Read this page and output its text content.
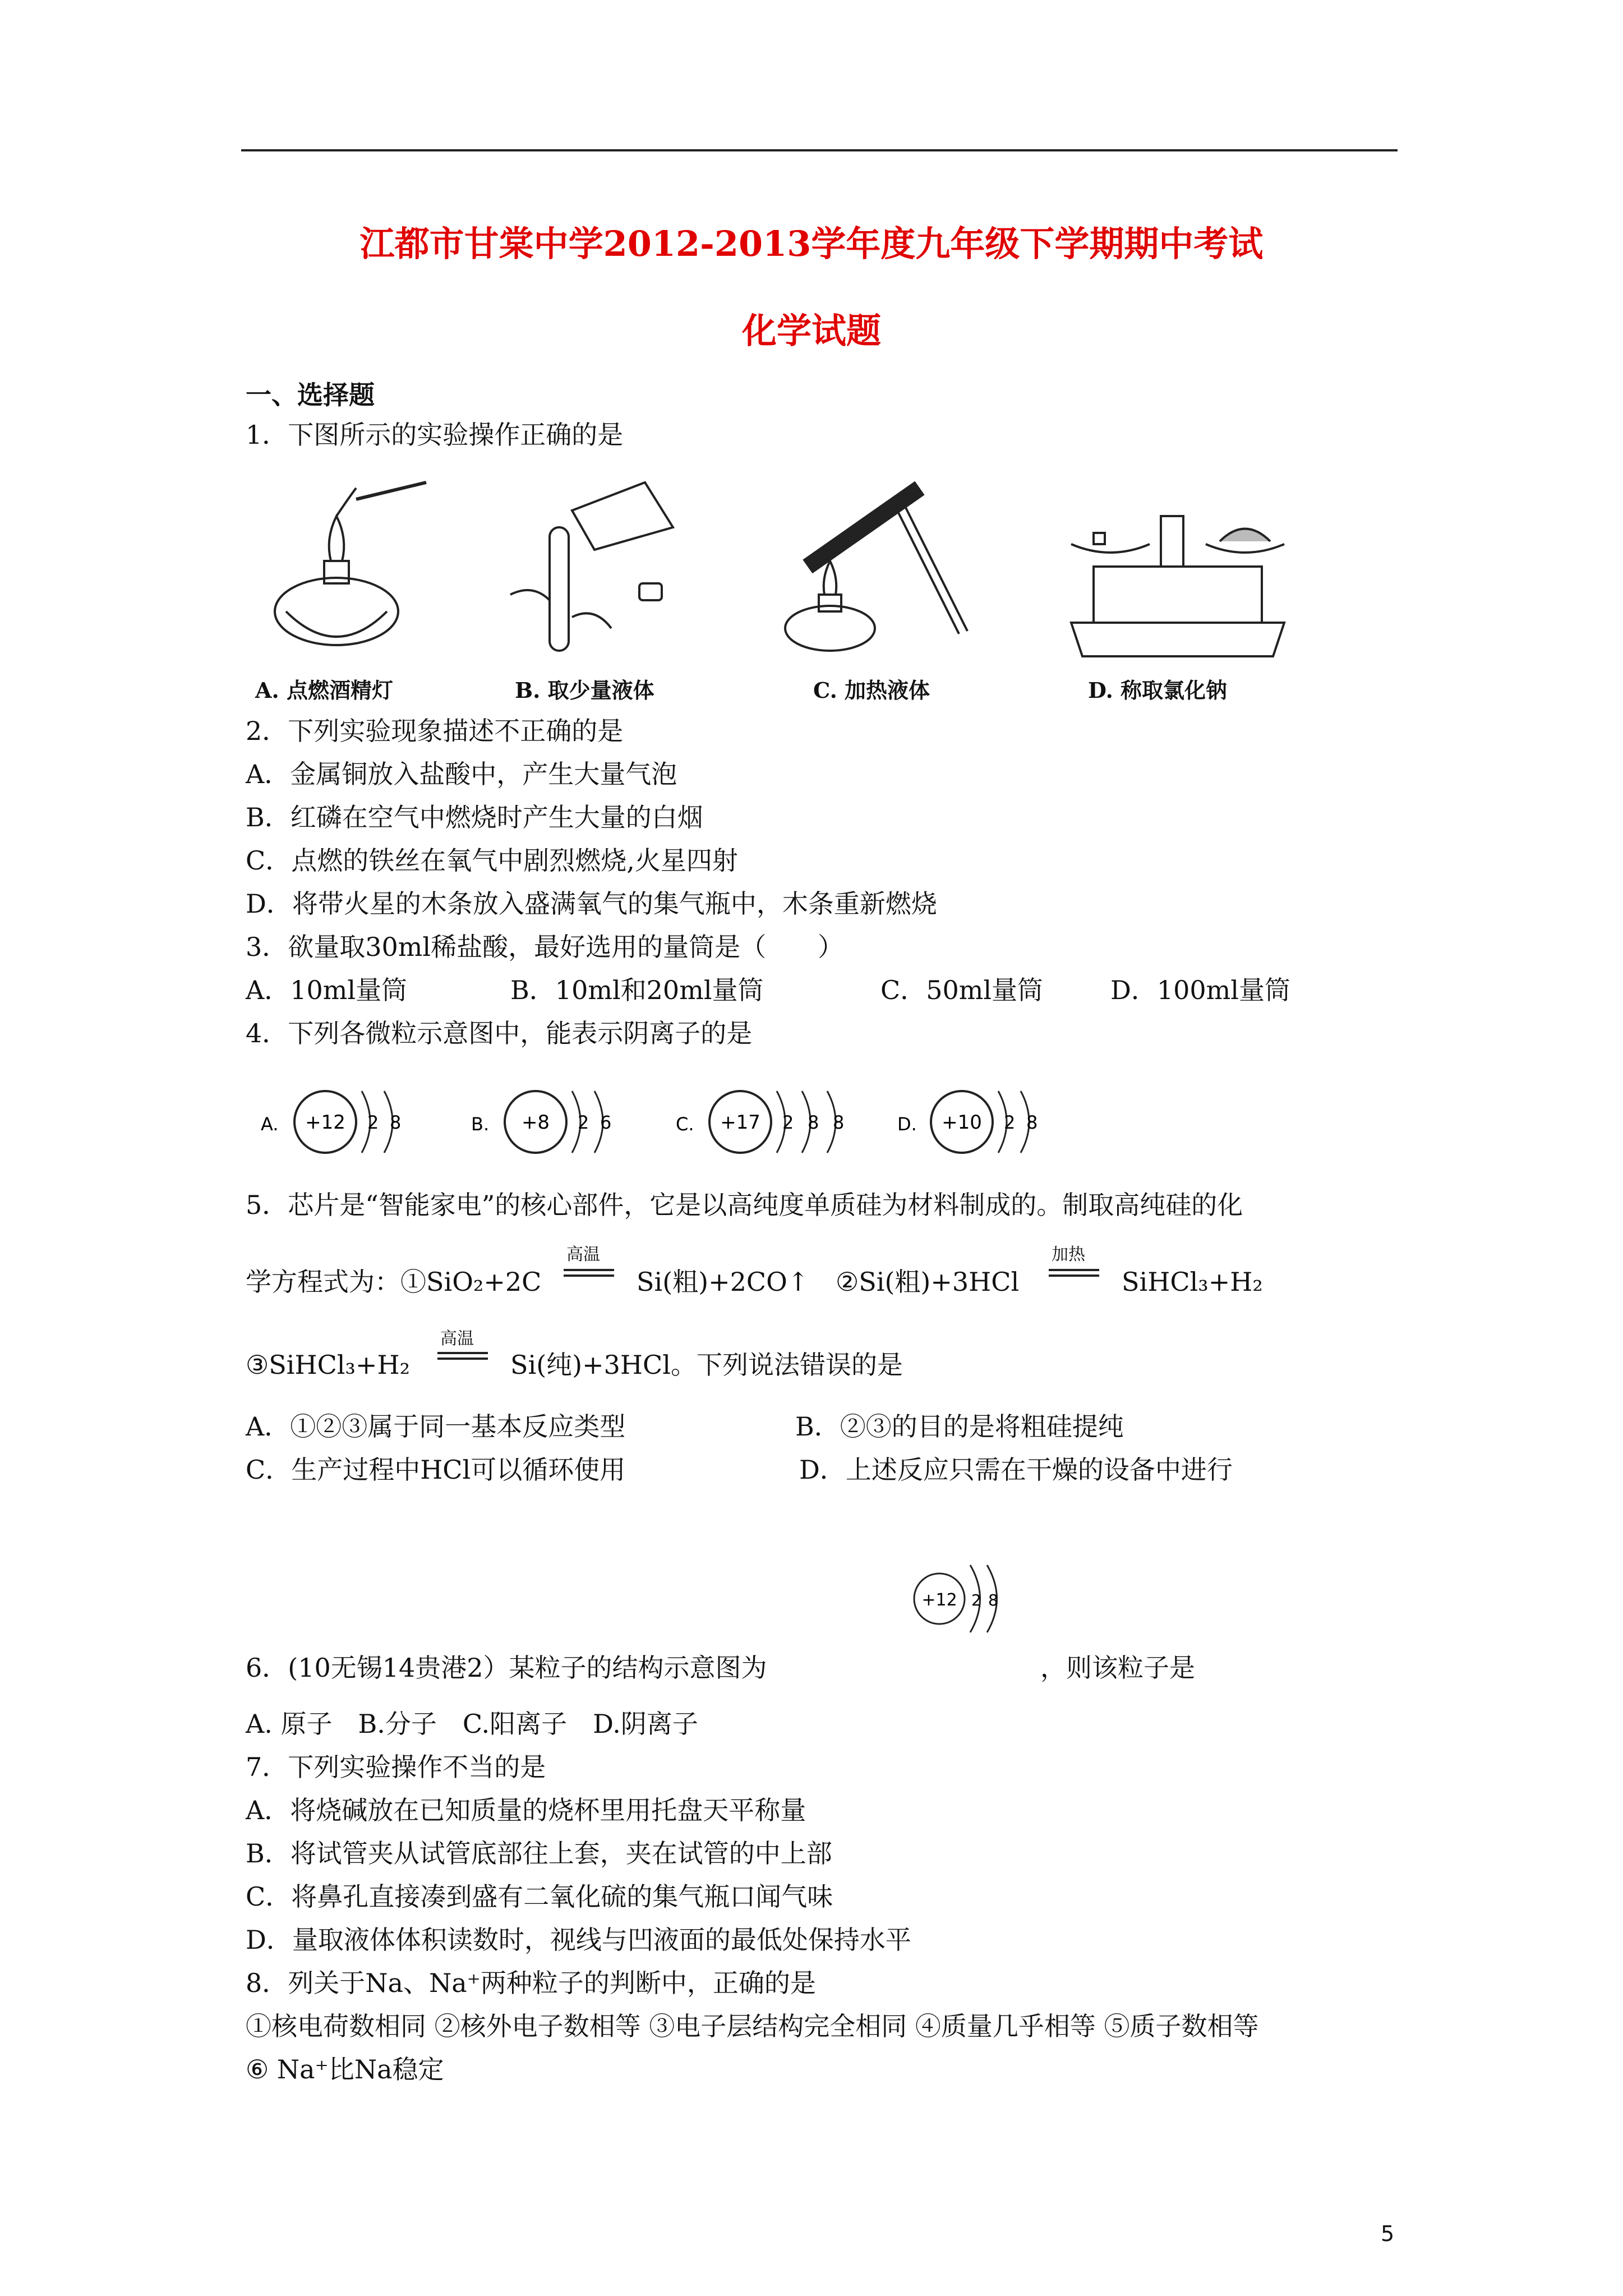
江都市甘棠中学2012-2013学年度九年级下学期期中考试
化学试题
一、选择题
1．下图所示的实验操作正确的是
A. 点燃酒精灯	B. 取少量液体	C. 加热液体	D. 称取氯化钠
2．下列实验现象描述不正确的是
A．金属铜放入盐酸中，产生大量气泡
B．红磷在空气中燃烧时产生大量的白烟
C．点燃的铁丝在氧气中剧烈燃烧,火星四射
D．将带火星的木条放入盛满氧气的集气瓶中，木条重新燃烧
3．欲量取30ml稀盐酸，最好选用的量筒是（　　）
A．10ml量筒	B．10ml和20ml量筒	C．50ml量筒	D．100ml量筒
4．下列各微粒示意图中，能表示阴离子的是
A. +12 2 8	B. +8 2 6	C. +17 2 8 8	D. +10 2 8
5．芯片是“智能家电”的核心部件，它是以高纯度单质硅为材料制成的。制取高纯硅的化
学方程式为：①SiO₂+2C
高温
Si(粗)+2CO↑ ②Si(粗)+3HCl
加热
SiHCl₃+H₂
③SiHCl₃+H₂
高温
Si(纯)+3HCl。下列说法错误的是
A．①②③属于同一基本反应类型	B．②③的目的是将粗硅提纯
C．生产过程中HCl可以循环使用	D．上述反应只需在干燥的设备中进行
+12 2 8
6．(10无锡14贵港2）某粒子的结构示意图为	，则该粒子是
A. 原子　B.分子　C.阳离子　D.阴离子
7．下列实验操作不当的是
A．将烧碱放在已知质量的烧杯里用托盘天平称量
B．将试管夹从试管底部往上套，夹在试管的中上部
C．将鼻孔直接凑到盛有二氧化硫的集气瓶口闻气味
D．量取液体体积读数时，视线与凹液面的最低处保持水平
8．列关于Na、Na⁺两种粒子的判断中，正确的是
①核电荷数相同 ②核外电子数相等 ③电子层结构完全相同 ④质量几乎相等 ⑤质子数相等
⑥ Na⁺比Na稳定
5
